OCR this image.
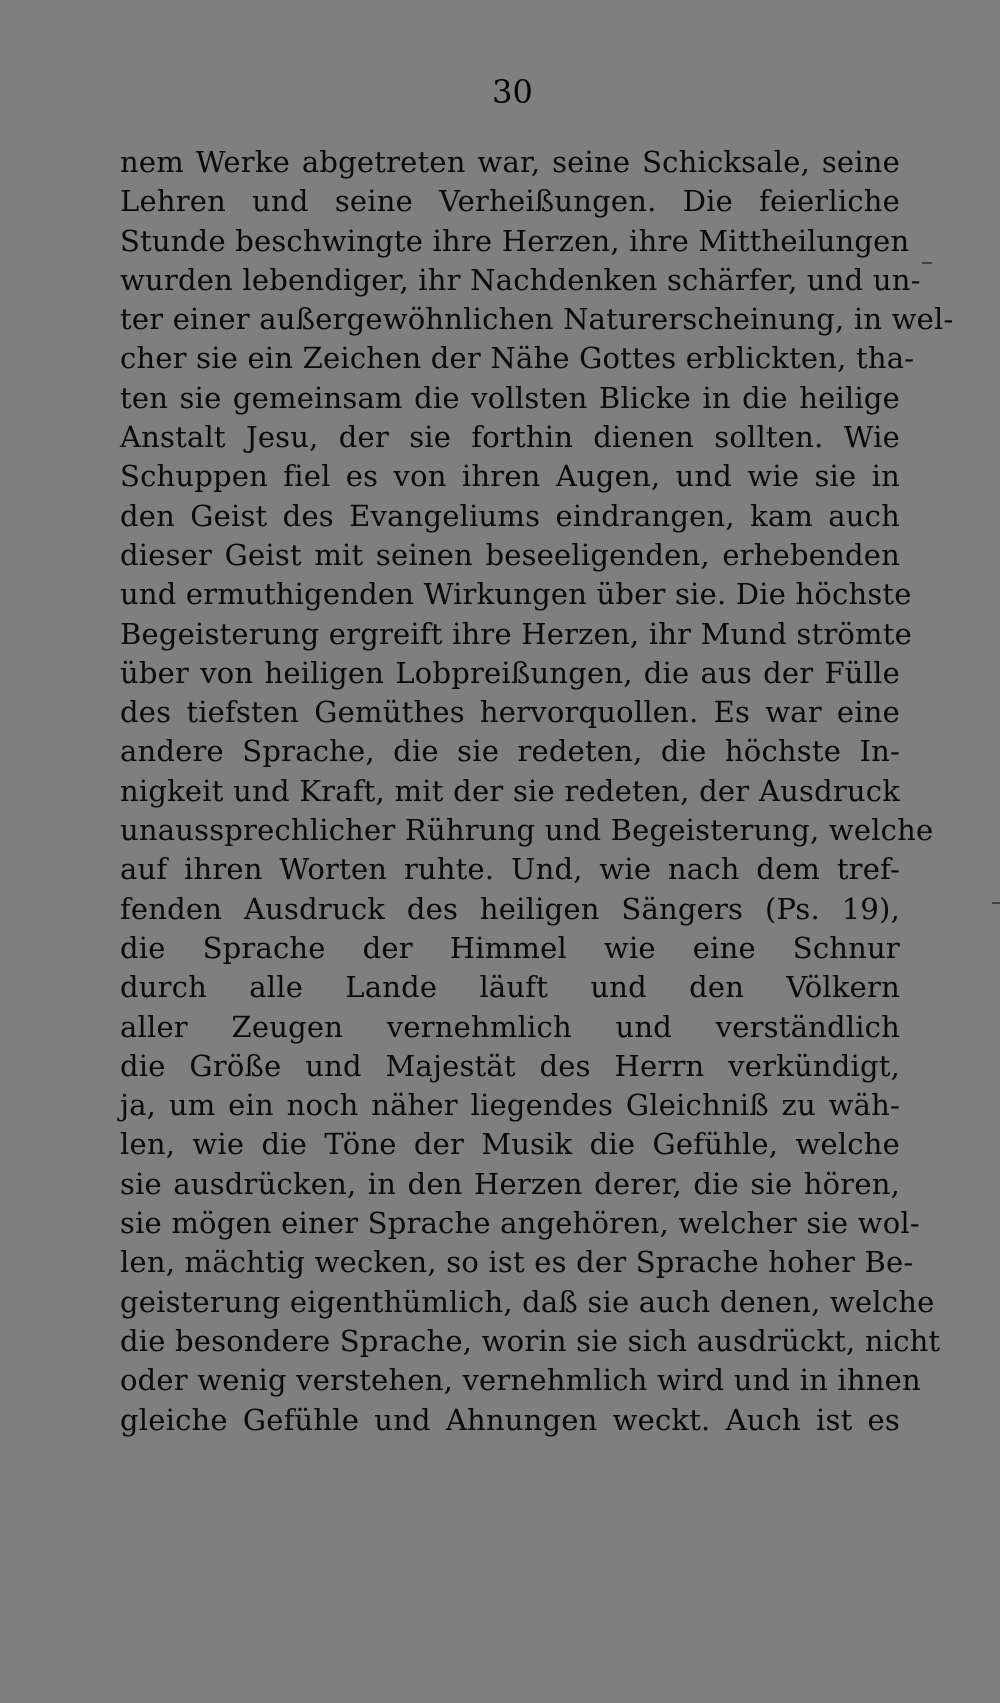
30
nem Werke abgetreten war, seine Schicksale, seine
Lehren und seine Verheißungen. Die feierliche
Stunde beschwingte ihre Herzen, ihre Mittheilungen
wurden lebendiger, ihr Nachdenken schärfer, und un-
ter einer außergewöhnlichen Naturerscheinung, in wel-
cher sie ein Zeichen der Nähe Gottes erblickten, tha-
ten sie gemeinsam die vollsten Blicke in die heilige
Anstalt Jesu, der sie forthin dienen sollten. Wie
Schuppen fiel es von ihren Augen, und wie sie in
den Geist des Evangeliums eindrangen, kam auch
dieser Geist mit seinen beseeligenden, erhebenden
und ermuthigenden Wirkungen über sie. Die höchste
Begeisterung ergreift ihre Herzen, ihr Mund strömte
über von heiligen Lobpreißungen, die aus der Fülle
des tiefsten Gemüthes hervorquollen. Es war eine
andere Sprache, die sie redeten, die höchste In-
nigkeit und Kraft, mit der sie redeten, der Ausdruck
unaussprechlicher Rührung und Begeisterung, welche
auf ihren Worten ruhte. Und, wie nach dem tref-
fenden Ausdruck des heiligen Sängers (Ps. 19),
die Sprache der Himmel wie eine Schnur
durch alle Lande läuft und den Völkern
aller Zeugen vernehmlich und verständlich
die Größe und Majestät des Herrn verkündigt,
ja, um ein noch näher liegendes Gleichniß zu wäh-
len, wie die Töne der Musik die Gefühle, welche
sie ausdrücken, in den Herzen derer, die sie hören,
sie mögen einer Sprache angehören, welcher sie wol-
len, mächtig wecken, so ist es der Sprache hoher Be-
geisterung eigenthümlich, daß sie auch denen, welche
die besondere Sprache, worin sie sich ausdrückt, nicht
oder wenig verstehen, vernehmlich wird und in ihnen
gleiche Gefühle und Ahnungen weckt. Auch ist es
